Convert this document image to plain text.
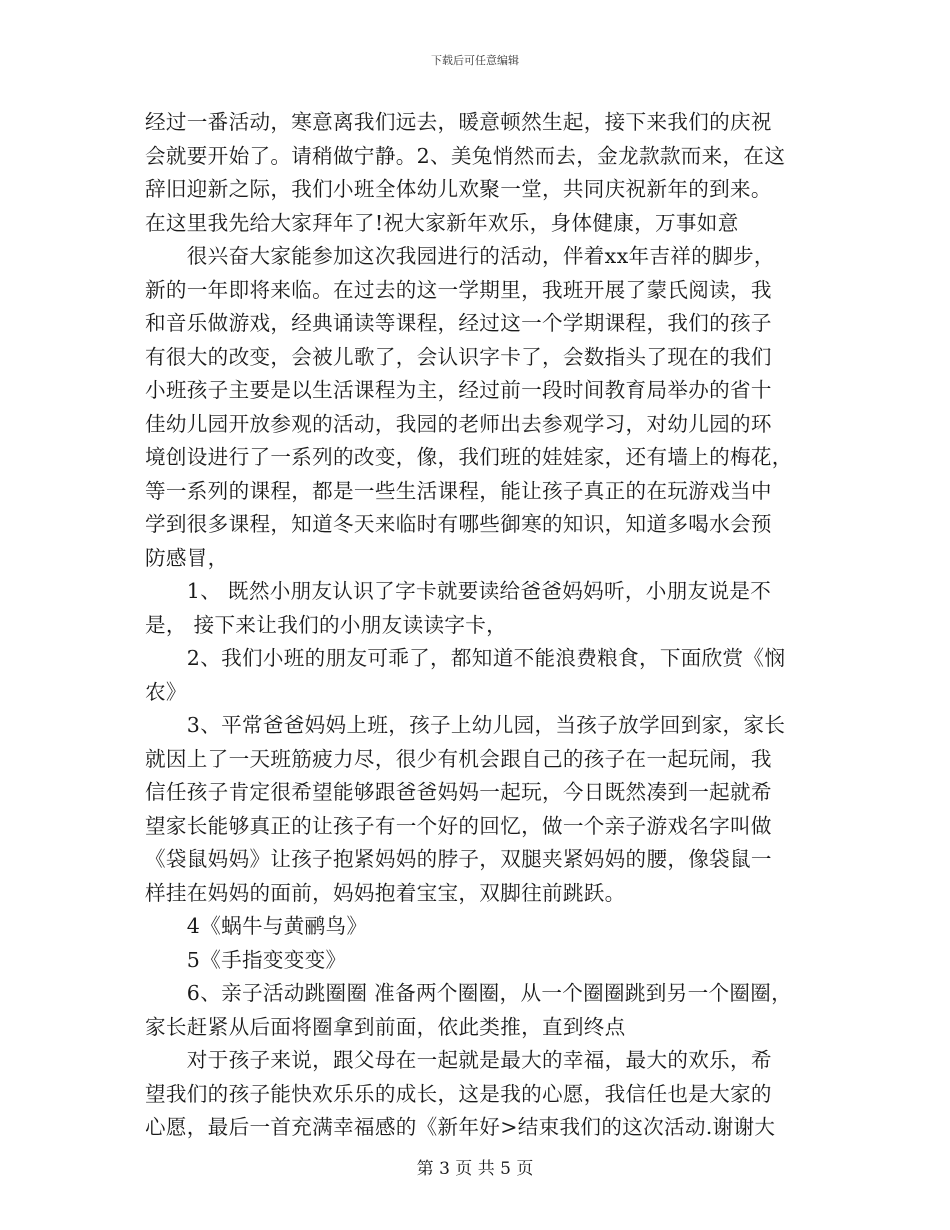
下载后可任意编辑

经过一番活动，寒意离我们远去，暖意顿然生起，接下来我们的庆祝
会就要开始了。请稍做宁静。2、美兔悄然而去，金龙款款而来，在这
辞旧迎新之际，我们小班全体幼儿欢聚一堂，共同庆祝新年的到来。
在这里我先给大家拜年了!祝大家新年欢乐，身体健康，万事如意

　　很兴奋大家能参加这次我园进行的活动，伴着xx年吉祥的脚步，
新的一年即将来临。在过去的这一学期里，我班开展了蒙氏阅读，我
和音乐做游戏，经典诵读等课程，经过这一个学期课程，我们的孩子
有很大的改变，会被儿歌了，会认识字卡了，会数指头了现在的我们
小班孩子主要是以生活课程为主，经过前一段时间教育局举办的省十
佳幼儿园开放参观的活动，我园的老师出去参观学习，对幼儿园的环
境创设进行了一系列的改变，像，我们班的娃娃家，还有墙上的梅花，
等一系列的课程，都是一些生活课程，能让孩子真正的在玩游戏当中
学到很多课程，知道冬天来临时有哪些御寒的知识，知道多喝水会预
防感冒，

　　1、 既然小朋友认识了字卡就要读给爸爸妈妈听，小朋友说是不
是， 接下来让我们的小朋友读读字卡，

　　2、我们小班的朋友可乖了，都知道不能浪费粮食，下面欣赏《悯
农》

　　3、平常爸爸妈妈上班，孩子上幼儿园，当孩子放学回到家，家长
就因上了一天班筋疲力尽，很少有机会跟自己的孩子在一起玩闹，我
信任孩子肯定很希望能够跟爸爸妈妈一起玩，今日既然凑到一起就希
望家长能够真正的让孩子有一个好的回忆，做一个亲子游戏名字叫做
《袋鼠妈妈》让孩子抱紧妈妈的脖子，双腿夹紧妈妈的腰，像袋鼠一
样挂在妈妈的面前，妈妈抱着宝宝，双脚往前跳跃。

　　4《蜗牛与黄鹂鸟》

　　5《手指变变变》

　　6、亲子活动跳圈圈 准备两个圈圈，从一个圈圈跳到另一个圈圈，
家长赶紧从后面将圈拿到前面，依此类推，直到终点

　　对于孩子来说，跟父母在一起就是最大的幸福，最大的欢乐，希
望我们的孩子能快欢乐乐的成长，这是我的心愿，我信任也是大家的
心愿，最后一首充满幸福感的《新年好>结束我们的这次活动.谢谢大

第 3 页 共 5 页
